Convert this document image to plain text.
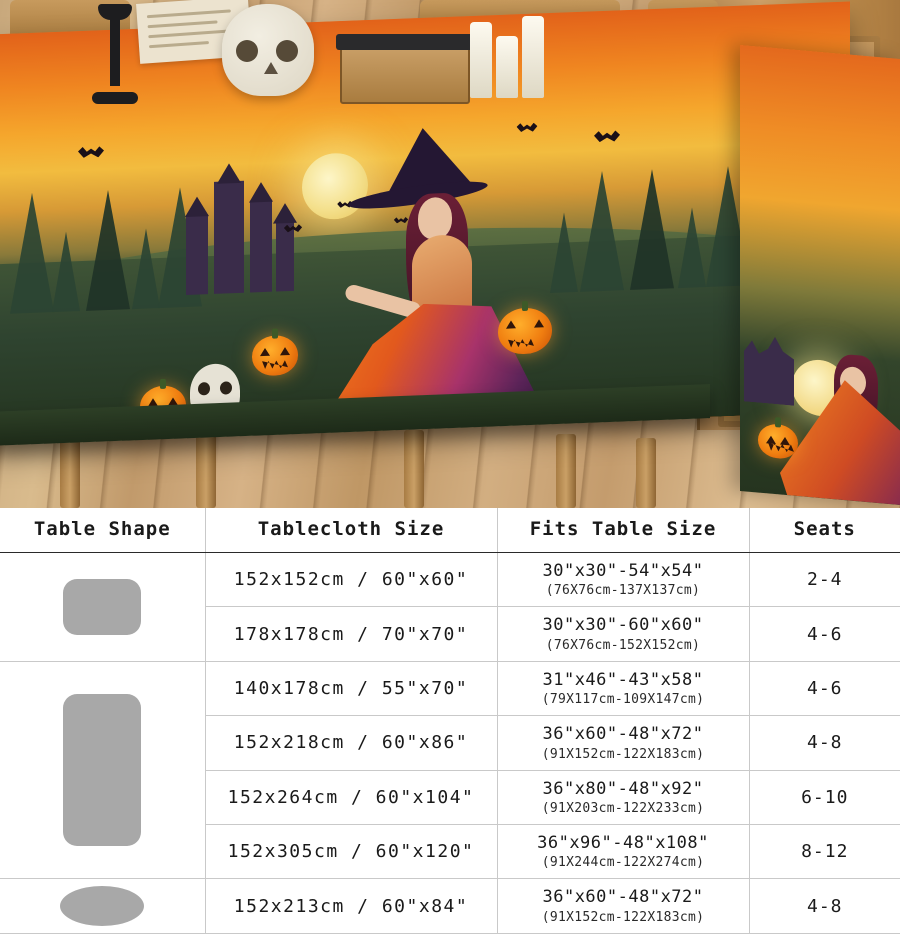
Table Shape	Tablecloth Size	Fits Table Size	Seats

	152x152cm / 60"x60"	30"x30"-54"x54"
(76X76cm-137X137cm)	2-4
	178x178cm / 70"x70"	30"x30"-60"x60"
(76X76cm-152X152cm)	4-6

	140x178cm / 55"x70"	31"x46"-43"x58"
(79X117cm-109X147cm)	4-6
	152x218cm / 60"x86"	36"x60"-48"x72"
(91X152cm-122X183cm)	4-8
	152x264cm / 60"x104"	36"x80"-48"x92"
(91X203cm-122X233cm)	6-10
	152x305cm / 60"x120"	36"x96"-48"x108"
(91X244cm-122X274cm)	8-12

	152x213cm / 60"x84"	36"x60"-48"x72"
(91X152cm-122X183cm)	4-8
